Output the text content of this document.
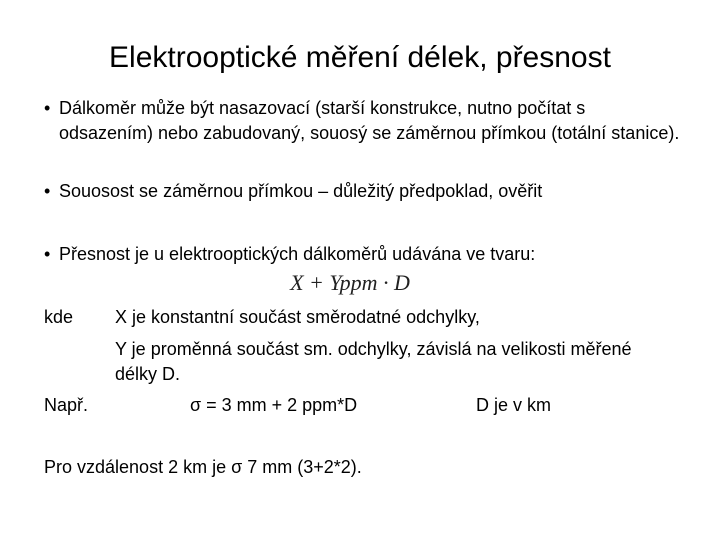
Elektrooptické měření délek, přesnost
• Dálkoměr může být nasazovací (starší konstrukce, nutno počítat s odsazením) nebo zabudovaný, souosý se záměrnou přímkou (totální stanice).
• Souosost se záměrnou přímkou – důležitý předpoklad, ověřit
• Přesnost je u elektrooptických dálkoměrů udávána ve tvaru:
X + Yppm · D
kde X je konstantní součást směrodatné odchylky,
Y je proměnná součást sm. odchylky, závislá na velikosti měřené délky D.
Např.	σ = 3 mm + 2 ppm*D	D je v km
Pro vzdálenost 2 km je σ 7 mm (3+2*2).
